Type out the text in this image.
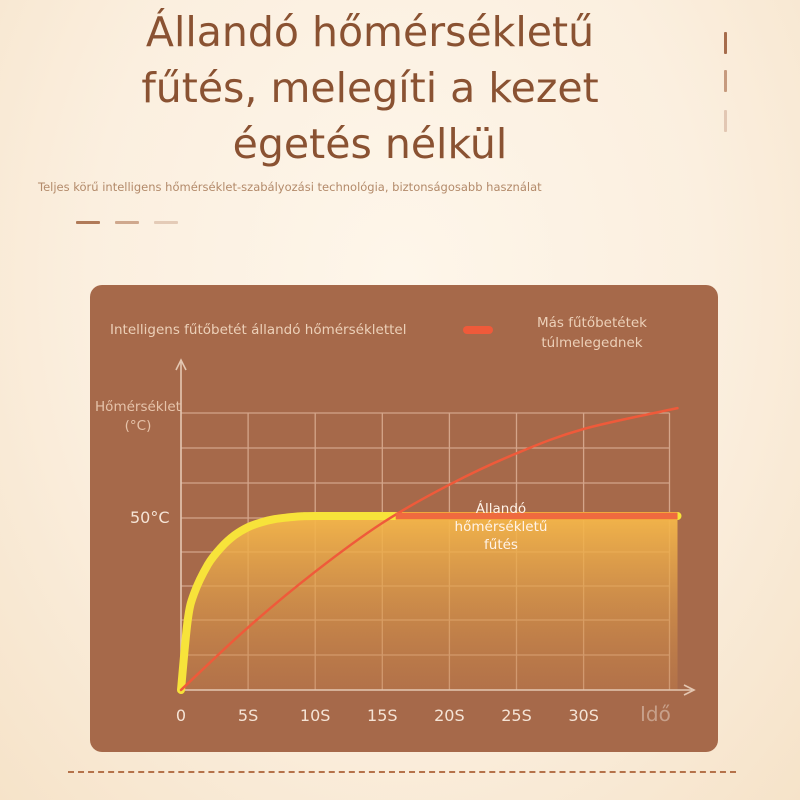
Állandó hőmérsékletű
fűtés, melegíti a kezet
égetés nélkül
Teljes körű intelligens hőmérséklet-szabályozási technológia, biztonságosabb használat
Intelligens fűtőbetét állandó hőmérséklettel	Más fűtőbetétek túlmelegednek
Hőmérséklet (°C)
50°C	Állandó hőmérsékletű fűtés
0	5S	10S	15S	20S	25S	30S	Idő
